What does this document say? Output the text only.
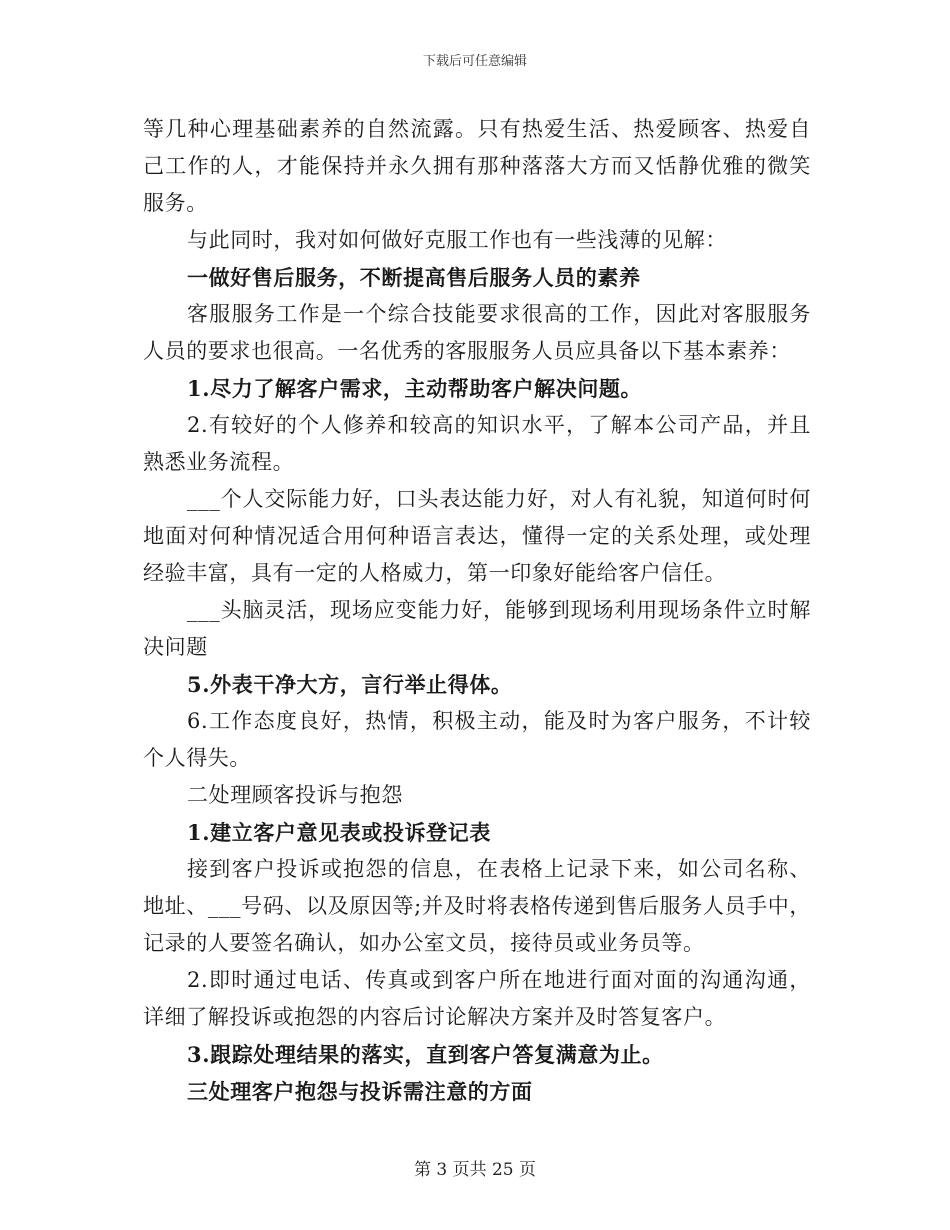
下载后可任意编辑

等几种心理基础素养的自然流露。只有热爱生活、热爱顾客、热爱自己工作的人，才能保持并永久拥有那种落落大方而又恬静优雅的微笑服务。

与此同时，我对如何做好克服工作也有一些浅薄的见解：

一做好售后服务，不断提高售后服务人员的素养

客服服务工作是一个综合技能要求很高的工作，因此对客服服务人员的要求也很高。一名优秀的客服服务人员应具备以下基本素养：

1.尽力了解客户需求，主动帮助客户解决问题。

2.有较好的个人修养和较高的知识水平，了解本公司产品，并且熟悉业务流程。

___个人交际能力好，口头表达能力好，对人有礼貌，知道何时何地面对何种情况适合用何种语言表达，懂得一定的关系处理，或处理经验丰富，具有一定的人格威力，第一印象好能给客户信任。

___头脑灵活，现场应变能力好，能够到现场利用现场条件立时解决问题

5.外表干净大方，言行举止得体。

6.工作态度良好，热情，积极主动，能及时为客户服务，不计较个人得失。

二处理顾客投诉与抱怨

1.建立客户意见表或投诉登记表

接到客户投诉或抱怨的信息，在表格上记录下来，如公司名称、地址、___号码、以及原因等;并及时将表格传递到售后服务人员手中，记录的人要签名确认，如办公室文员，接待员或业务员等。

2.即时通过电话、传真或到客户所在地进行面对面的沟通沟通，详细了解投诉或抱怨的内容后讨论解决方案并及时答复客户。

3.跟踪处理结果的落实，直到客户答复满意为止。

三处理客户抱怨与投诉需注意的方面

第 3 页共 25 页
